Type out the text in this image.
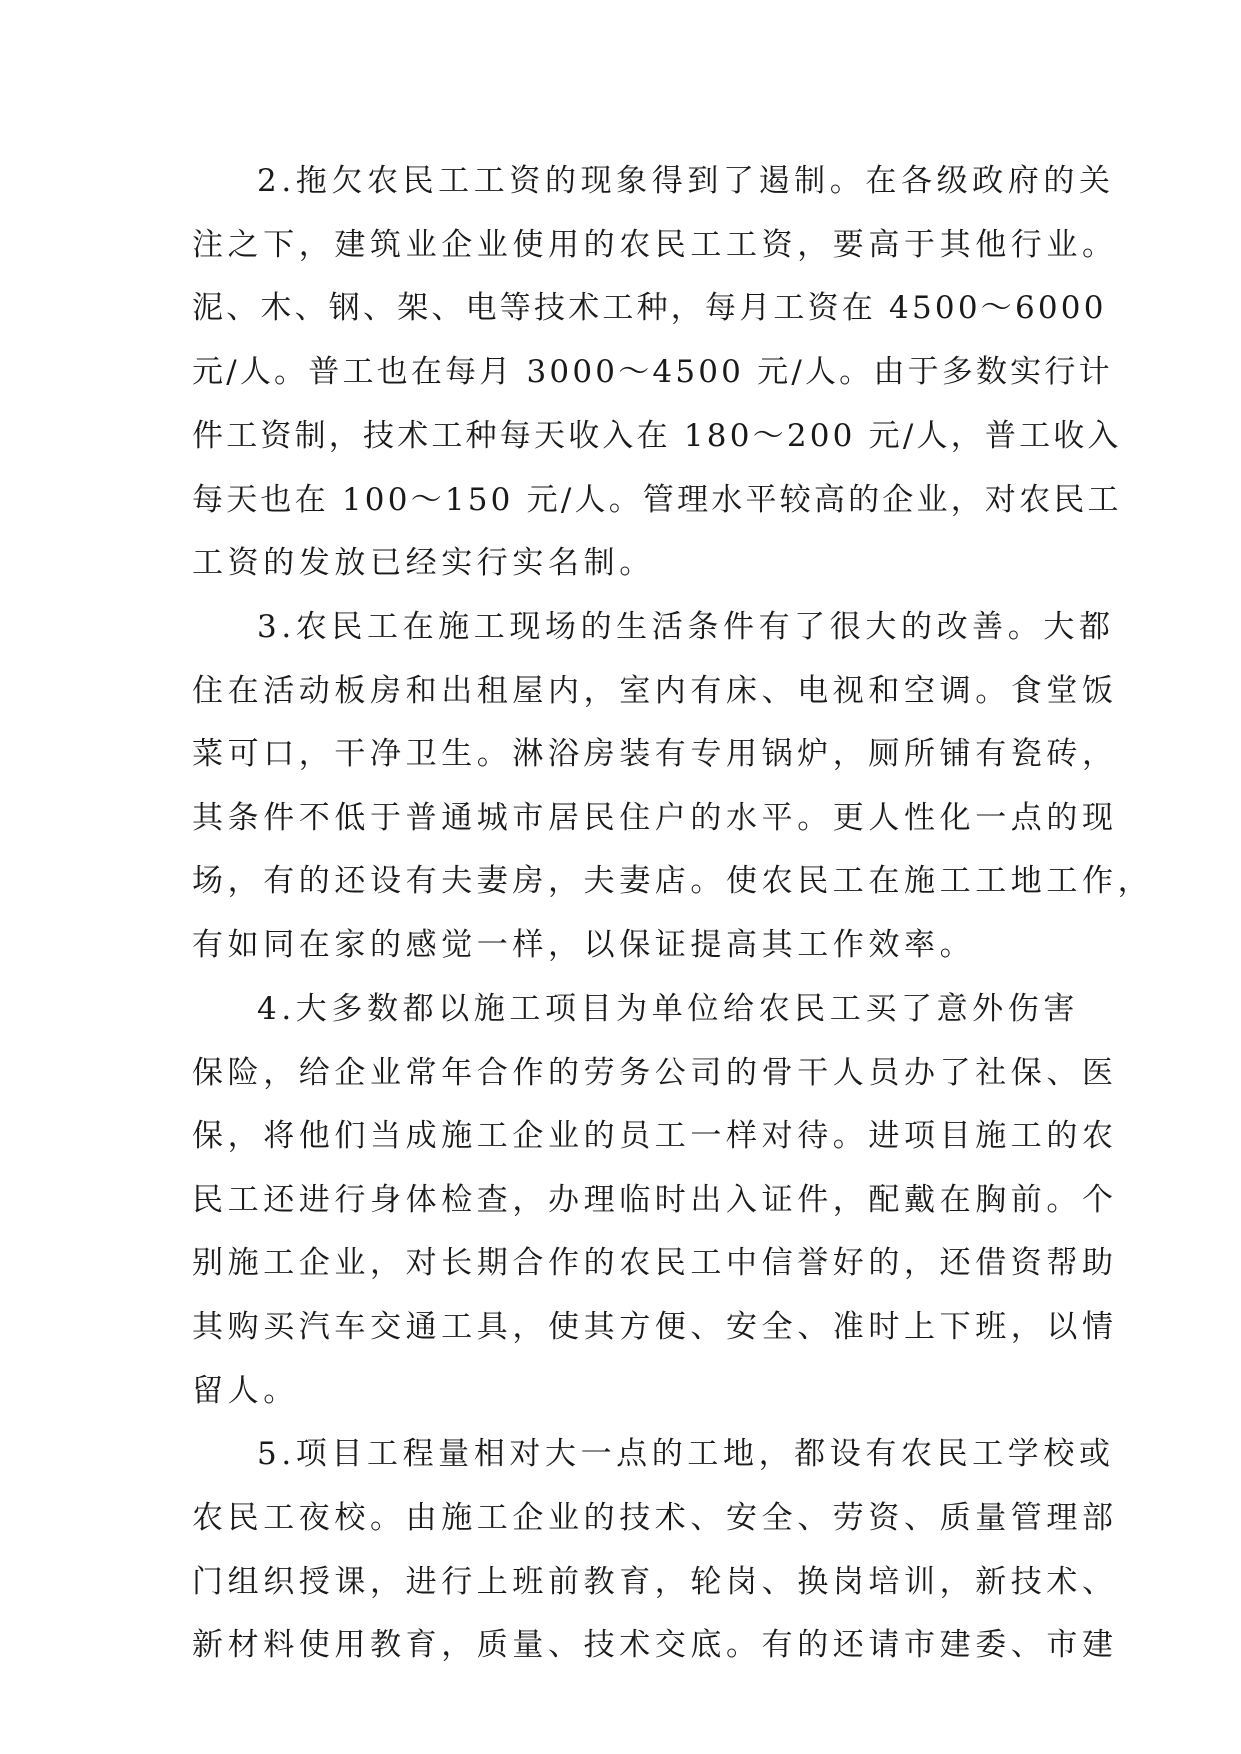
2.拖欠农民工工资的现象得到了遏制。在各级政府的关
注之下，建筑业企业使用的农民工工资，要高于其他行业。
泥、木、钢、架、电等技术工种，每月工资在 4500～6000
元/人。普工也在每月 3000～4500 元/人。由于多数实行计
件工资制，技术工种每天收入在 180～200 元/人，普工收入
每天也在 100～150 元/人。管理水平较高的企业，对农民工
工资的发放已经实行实名制。
3.农民工在施工现场的生活条件有了很大的改善。大都
住在活动板房和出租屋内，室内有床、电视和空调。食堂饭
菜可口，干净卫生。淋浴房装有专用锅炉，厕所铺有瓷砖，
其条件不低于普通城市居民住户的水平。更人性化一点的现
场，有的还设有夫妻房，夫妻店。使农民工在施工工地工作，
有如同在家的感觉一样，以保证提高其工作效率。
4.大多数都以施工项目为单位给农民工买了意外伤害
保险，给企业常年合作的劳务公司的骨干人员办了社保、医
保，将他们当成施工企业的员工一样对待。进项目施工的农
民工还进行身体检查，办理临时出入证件，配戴在胸前。个
别施工企业，对长期合作的农民工中信誉好的，还借资帮助
其购买汽车交通工具，使其方便、安全、准时上下班，以情
留人。
5.项目工程量相对大一点的工地，都设有农民工学校或
农民工夜校。由施工企业的技术、安全、劳资、质量管理部
门组织授课，进行上班前教育，轮岗、换岗培训，新技术、
新材料使用教育，质量、技术交底。有的还请市建委、市建
